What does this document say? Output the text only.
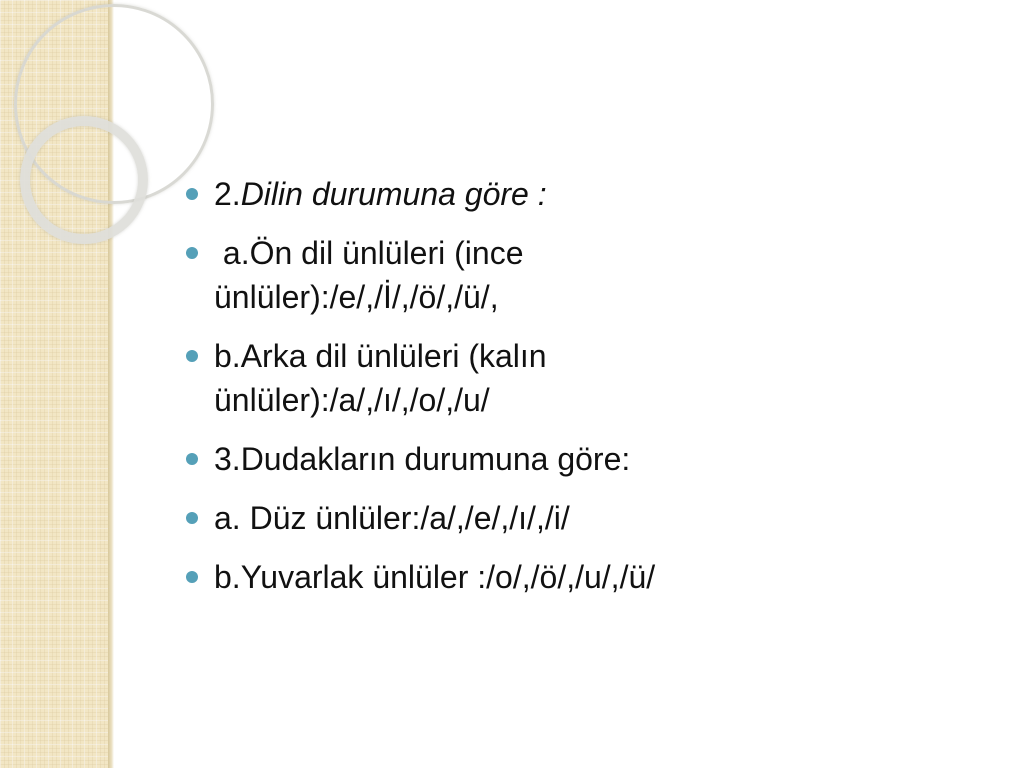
2.Dilin durumuna göre :
a.Ön dil ünlüleri (ince ünlüler):/e/,/İ/,/ö/,/ü/,
b.Arka dil ünlüleri (kalın ünlüler):/a/,/ı/,/o/,/u/
3.Dudakların durumuna göre:
a. Düz ünlüler:/a/,/e/,/ı/,/i/
b.Yuvarlak ünlüler :/o/,/ö/,/u/,/ü/
